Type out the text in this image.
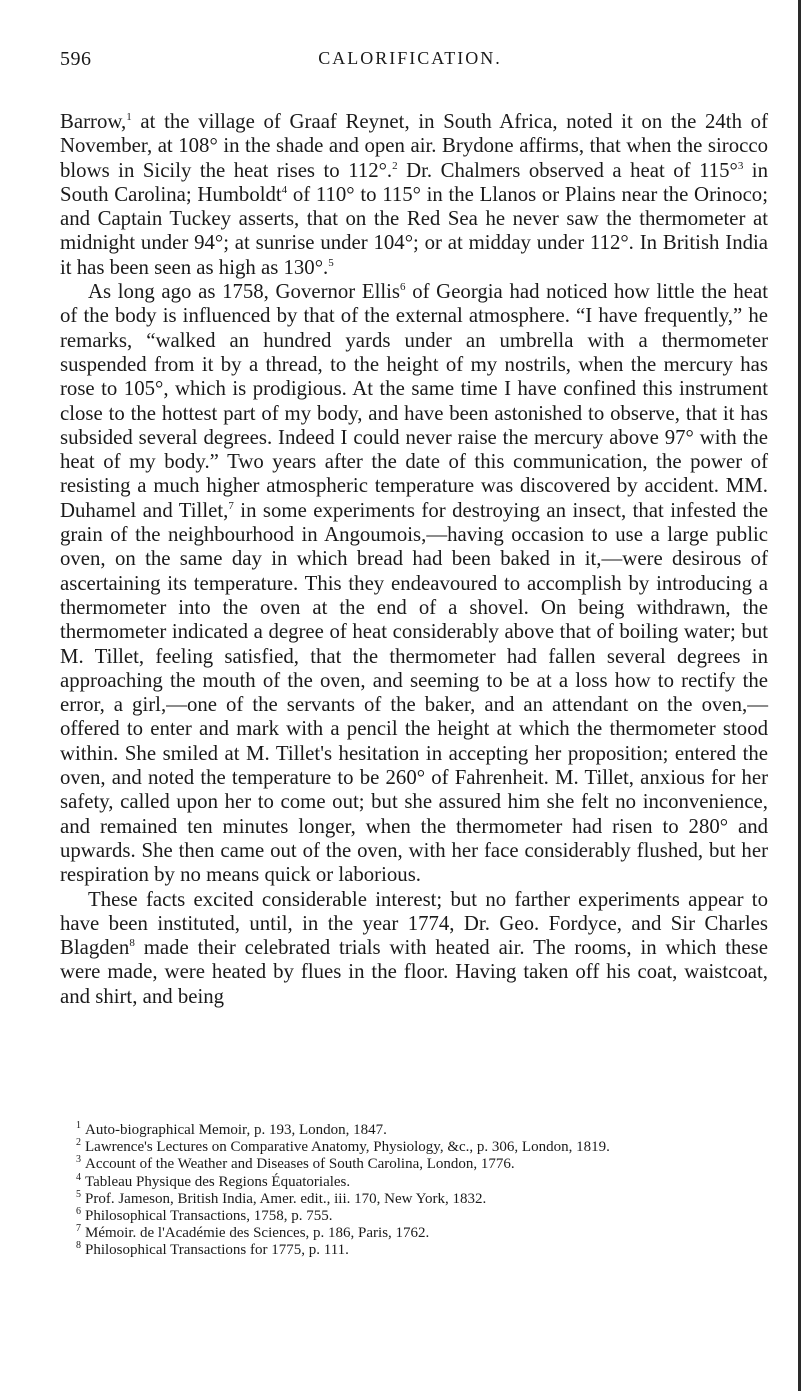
596	CALORIFICATION.

Barrow,$^1$ at the village of Graaf Reynet, in South Africa, noted it on the 24th of November, at 108° in the shade and open air. Brydone affirms, that when the sirocco blows in Sicily the heat rises to 112°.$^2$ Dr. Chalmers observed a heat of 115°$^3$ in South Carolina; Humboldt$^4$ of 110° to 115° in the Llanos or Plains near the Orinoco; and Captain Tuckey asserts, that on the Red Sea he never saw the thermometer at midnight under 94°; at sunrise under 104°; or at midday under 112°. In British India it has been seen as high as 130°.$^5$

As long ago as 1758, Governor Ellis$^6$ of Georgia had noticed how little the heat of the body is influenced by that of the external atmosphere. “I have frequently,” he remarks, “walked an hundred yards under an umbrella with a thermometer suspended from it by a thread, to the height of my nostrils, when the mercury has rose to 105°, which is prodigious. At the same time I have confined this instrument close to the hottest part of my body, and have been astonished to observe, that it has subsided several degrees. Indeed I could never raise the mercury above 97° with the heat of my body.” Two years after the date of this communication, the power of resisting a much higher atmospheric temperature was discovered by accident. MM. Duhamel and Tillet,$^7$ in some experiments for destroying an insect, that infested the grain of the neighbourhood in Angoumois,—having occasion to use a large public oven, on the same day in which bread had been baked in it,—were desirous of ascertaining its temperature. This they endeavoured to accomplish by introducing a thermometer into the oven at the end of a shovel. On being withdrawn, the thermometer indicated a degree of heat considerably above that of boiling water; but M. Tillet, feeling satisfied, that the thermometer had fallen several degrees in approaching the mouth of the oven, and seeming to be at a loss how to rectify the error, a girl,—one of the servants of the baker, and an attendant on the oven,—offered to enter and mark with a pencil the height at which the thermometer stood within. She smiled at M. Tillet's hesitation in accepting her proposition; entered the oven, and noted the temperature to be 260° of Fahrenheit. M. Tillet, anxious for her safety, called upon her to come out; but she assured him she felt no inconvenience, and remained ten minutes longer, when the thermometer had risen to 280° and upwards. She then came out of the oven, with her face considerably flushed, but her respiration by no means quick or laborious.

These facts excited considerable interest; but no farther experiments appear to have been instituted, until, in the year 1774, Dr. Geo. Fordyce, and Sir Charles Blagden$^8$ made their celebrated trials with heated air. The rooms, in which these were made, were heated by flues in the floor. Having taken off his coat, waistcoat, and shirt, and being

$^1$ Auto-biographical Memoir, p. 193, London, 1847.

$^2$ Lawrence's Lectures on Comparative Anatomy, Physiology, &c., p. 306, London, 1819.

$^3$ Account of the Weather and Diseases of South Carolina, London, 1776.

$^4$ Tableau Physique des Regions Équatoriales.

$^5$ Prof. Jameson, British India, Amer. edit., iii. 170, New York, 1832.

$^6$ Philosophical Transactions, 1758, p. 755.

$^7$ Mémoir. de l'Académie des Sciences, p. 186, Paris, 1762.

$^8$ Philosophical Transactions for 1775, p. 111.
